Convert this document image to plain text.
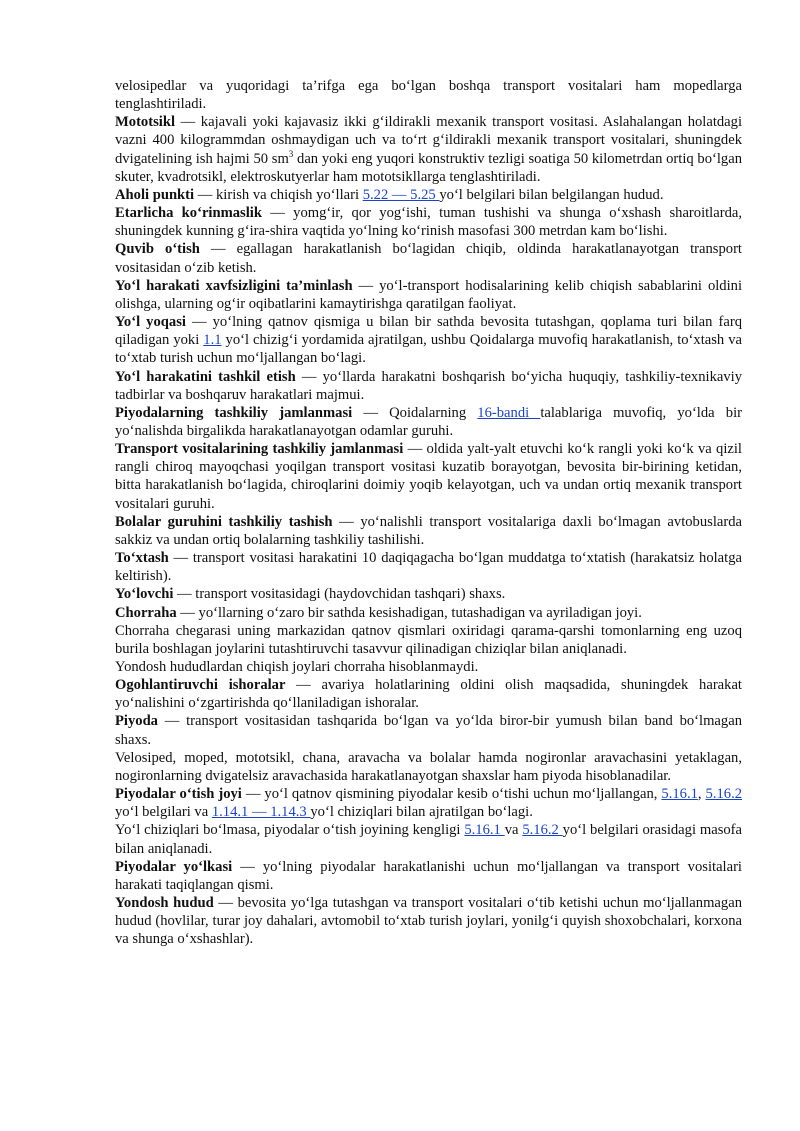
velosipedlar va yuqoridagi ta’rifga ega bo‘lgan boshqa transport vositalari ham mopedlarga tenglashtiriladi.

Mototsikl — kajavali yoki kajavasiz ikki g‘ildirakli mexanik transport vositasi. Aslahalangan holatdagi vazni 400 kilogrammdan oshmaydigan uch va to‘rt g‘ildirakli mexanik transport vositalari, shuningdek dvigatelining ish hajmi 50 $sm^3$ dan yoki eng yuqori konstruktiv tezligi soatiga 50 kilometrdan ortiq bo‘lgan skuter, kvadrotsikl, elektroskutyerlar ham mototsikllarga tenglashtiriladi.

Aholi punkti — kirish va chiqish yo‘llari 5.22 — 5.25 yo‘l belgilari bilan belgilangan hudud.

Etarlicha ko‘rinmaslik — yomg‘ir, qor yog‘ishi, tuman tushishi va shunga o‘xshash sharoitlarda, shuningdek kunning g‘ira-shira vaqtida yo‘lning ko‘rinish masofasi 300 metrdan kam bo‘lishi.

Quvib o‘tish — egallagan harakatlanish bo‘lagidan chiqib, oldinda harakatlanayotgan transport vositasidan o‘zib ketish.

Yo‘l harakati xavfsizligini ta’minlash — yo‘l-transport hodisalarining kelib chiqish sabablarini oldini olishga, ularning og‘ir oqibatlarini kamaytirishga qaratilgan faoliyat.

Yo‘l yoqasi — yo‘lning qatnov qismiga u bilan bir sathda bevosita tutashgan, qoplama turi bilan farq qiladigan yoki 1.1 yo‘l chizig‘i yordamida ajratilgan, ushbu Qoidalarga muvofiq harakatlanish, to‘xtash va to‘xtab turish uchun mo‘ljallangan bo‘lagi.

Yo‘l harakatini tashkil etish — yo‘llarda harakatni boshqarish bo‘yicha huquqiy, tashkiliy-texnikaviy tadbirlar va boshqaruv harakatlari majmui.

Piyodalarning tashkiliy jamlanmasi — Qoidalarning 16-bandi talablariga muvofiq, yo‘lda bir yo‘nalishda birgalikda harakatlanayotgan odamlar guruhi.

Transport vositalarining tashkiliy jamlanmasi — oldida yalt-yalt etuvchi ko‘k rangli yoki ko‘k va qizil rangli chiroq mayoqchasi yoqilgan transport vositasi kuzatib borayotgan, bevosita bir-birining ketidan, bitta harakatlanish bo‘lagida, chiroqlarini doimiy yoqib kelayotgan, uch va undan ortiq mexanik transport vositalari guruhi.

Bolalar guruhini tashkiliy tashish — yo‘nalishli transport vositalariga daxli bo‘lmagan avtobuslarda sakkiz va undan ortiq bolalarning tashkiliy tashilishi.

To‘xtash — transport vositasi harakatini 10 daqiqagacha bo‘lgan muddatga to‘xtatish (harakatsiz holatga keltirish).

Yo‘lovchi — transport vositasidagi (haydovchidan tashqari) shaxs.

Chorraha — yo‘llarning o‘zaro bir sathda kesishadigan, tutashadigan va ayriladigan joyi.

Chorraha chegarasi uning markazidan qatnov qismlari oxiridagi qarama-qarshi tomonlarning eng uzoq burila boshlagan joylarini tutashtiruvchi tasavvur qilinadigan chiziqlar bilan aniqlanadi.

Yondosh hududlardan chiqish joylari chorraha hisoblanmaydi.

Ogohlantiruvchi ishoralar — avariya holatlarining oldini olish maqsadida, shuningdek harakat yo‘nalishini o‘zgartirishda qo‘llaniladigan ishoralar.

Piyoda — transport vositasidan tashqarida bo‘lgan va yo‘lda biror-bir yumush bilan band bo‘lmagan shaxs.

Velosiped, moped, mototsikl, chana, aravacha va bolalar hamda nogironlar aravachasini yetaklagan, nogironlarning dvigatelsiz aravachasida harakatlanayotgan shaxslar ham piyoda hisoblanadilar.

Piyodalar o‘tish joyi — yo‘l qatnov qismining piyodalar kesib o‘tishi uchun mo‘ljallangan, 5.16.1, 5.16.2 yo‘l belgilari va 1.14.1 — 1.14.3 yo‘l chiziqlari bilan ajratilgan bo‘lagi.

Yo‘l chiziqlari bo‘lmasa, piyodalar o‘tish joyining kengligi 5.16.1 va 5.16.2 yo‘l belgilari orasidagi masofa bilan aniqlanadi.

Piyodalar yo‘lkasi — yo‘lning piyodalar harakatlanishi uchun mo‘ljallangan va transport vositalari harakati taqiqlangan qismi.

Yondosh hudud — bevosita yo‘lga tutashgan va transport vositalari o‘tib ketishi uchun mo‘ljallanmagan hudud (hovlilar, turar joy dahalari, avtomobil to‘xtab turish joylari, yonilg‘i quyish shoxobchalari, korxona va shunga o‘xshashlar).
